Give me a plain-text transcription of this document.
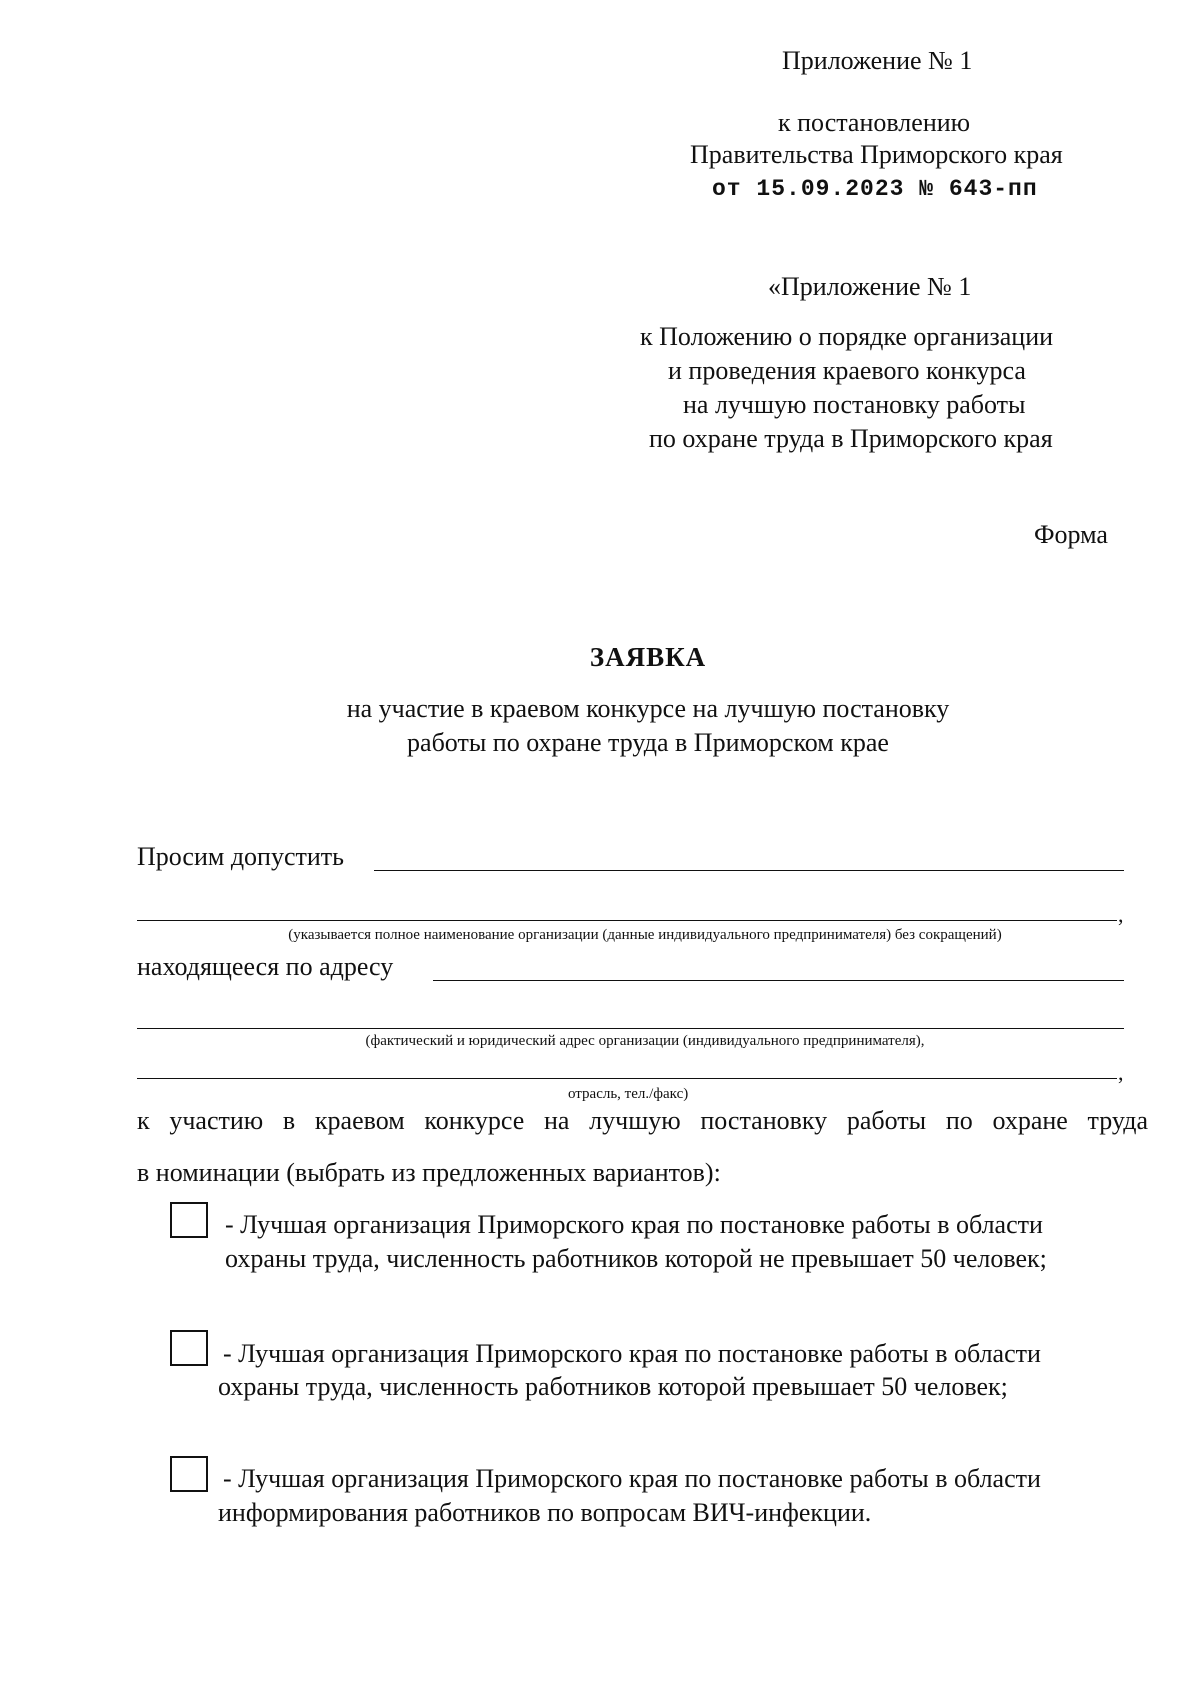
Приложение № 1
к постановлению
Правительства Приморского края
от 15.09.2023 № 643-пп
«Приложение № 1
к Положению о порядке организации
и проведения краевого конкурса
на лучшую постановку работы
по охране труда в Приморского края
Форма
ЗАЯВКА
на участие в краевом конкурсе на лучшую постановку
работы по охране труда в Приморском крае
Просим допустить
,
(указывается полное наименование организации (данные индивидуального предпринимателя) без сокращений)
находящееся по адресу
(фактический и юридический адрес организации (индивидуального предпринимателя),
,
отрасль, тел./факс)
к участию в краевом конкурсе на лучшую постановку работы по охране труда
в номинации (выбрать из предложенных вариантов):
- Лучшая организация Приморского края по постановке работы в области
охраны труда, численность работников которой не превышает 50 человек;
- Лучшая организация Приморского края по постановке работы в области
охраны труда, численность работников которой превышает 50 человек;
- Лучшая организация Приморского края по постановке работы в области
информирования работников по вопросам ВИЧ-инфекции.
